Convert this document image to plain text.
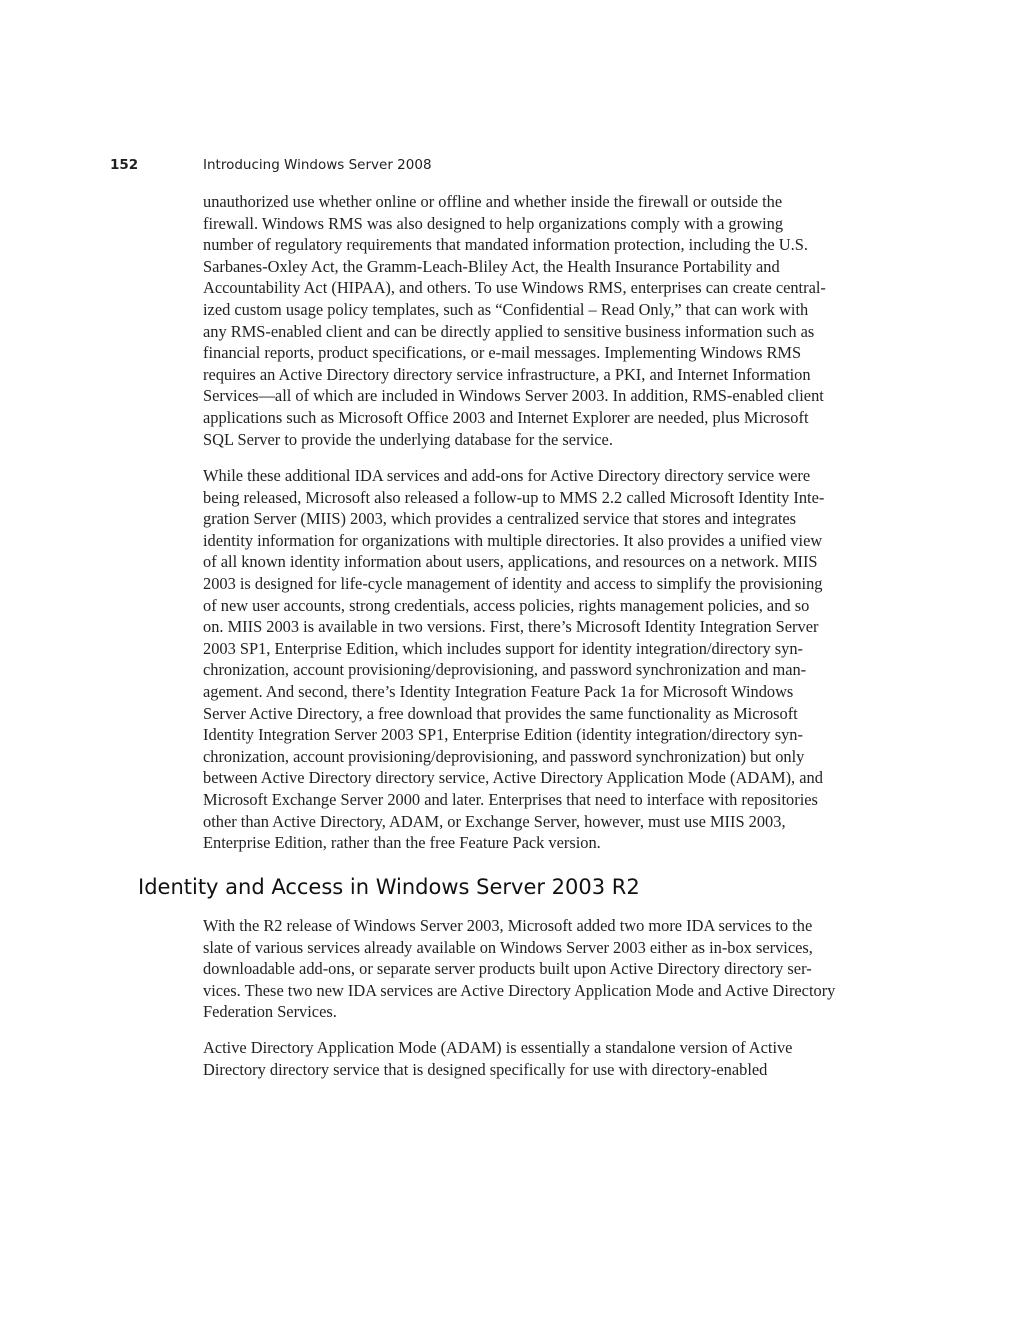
152	Introducing Windows Server 2008
unauthorized use whether online or offline and whether inside the firewall or outside the
firewall. Windows RMS was also designed to help organizations comply with a growing
number of regulatory requirements that mandated information protection, including the U.S.
Sarbanes-Oxley Act, the Gramm-Leach-Bliley Act, the Health Insurance Portability and
Accountability Act (HIPAA), and others. To use Windows RMS, enterprises can create central-
ized custom usage policy templates, such as “Confidential – Read Only,” that can work with
any RMS-enabled client and can be directly applied to sensitive business information such as
financial reports, product specifications, or e-mail messages. Implementing Windows RMS
requires an Active Directory directory service infrastructure, a PKI, and Internet Information
Services—all of which are included in Windows Server 2003. In addition, RMS-enabled client
applications such as Microsoft Office 2003 and Internet Explorer are needed, plus Microsoft
SQL Server to provide the underlying database for the service.
While these additional IDA services and add-ons for Active Directory directory service were
being released, Microsoft also released a follow-up to MMS 2.2 called Microsoft Identity Inte-
gration Server (MIIS) 2003, which provides a centralized service that stores and integrates
identity information for organizations with multiple directories. It also provides a unified view
of all known identity information about users, applications, and resources on a network. MIIS
2003 is designed for life-cycle management of identity and access to simplify the provisioning
of new user accounts, strong credentials, access policies, rights management policies, and so
on. MIIS 2003 is available in two versions. First, there’s Microsoft Identity Integration Server
2003 SP1, Enterprise Edition, which includes support for identity integration/directory syn-
chronization, account provisioning/deprovisioning, and password synchronization and man-
agement. And second, there’s Identity Integration Feature Pack 1a for Microsoft Windows
Server Active Directory, a free download that provides the same functionality as Microsoft
Identity Integration Server 2003 SP1, Enterprise Edition (identity integration/directory syn-
chronization, account provisioning/deprovisioning, and password synchronization) but only
between Active Directory directory service, Active Directory Application Mode (ADAM), and
Microsoft Exchange Server 2000 and later. Enterprises that need to interface with repositories
other than Active Directory, ADAM, or Exchange Server, however, must use MIIS 2003,
Enterprise Edition, rather than the free Feature Pack version.
Identity and Access in Windows Server 2003 R2
With the R2 release of Windows Server 2003, Microsoft added two more IDA services to the
slate of various services already available on Windows Server 2003 either as in-box services,
downloadable add-ons, or separate server products built upon Active Directory directory ser-
vices. These two new IDA services are Active Directory Application Mode and Active Directory
Federation Services.
Active Directory Application Mode (ADAM) is essentially a standalone version of Active
Directory directory service that is designed specifically for use with directory-enabled
